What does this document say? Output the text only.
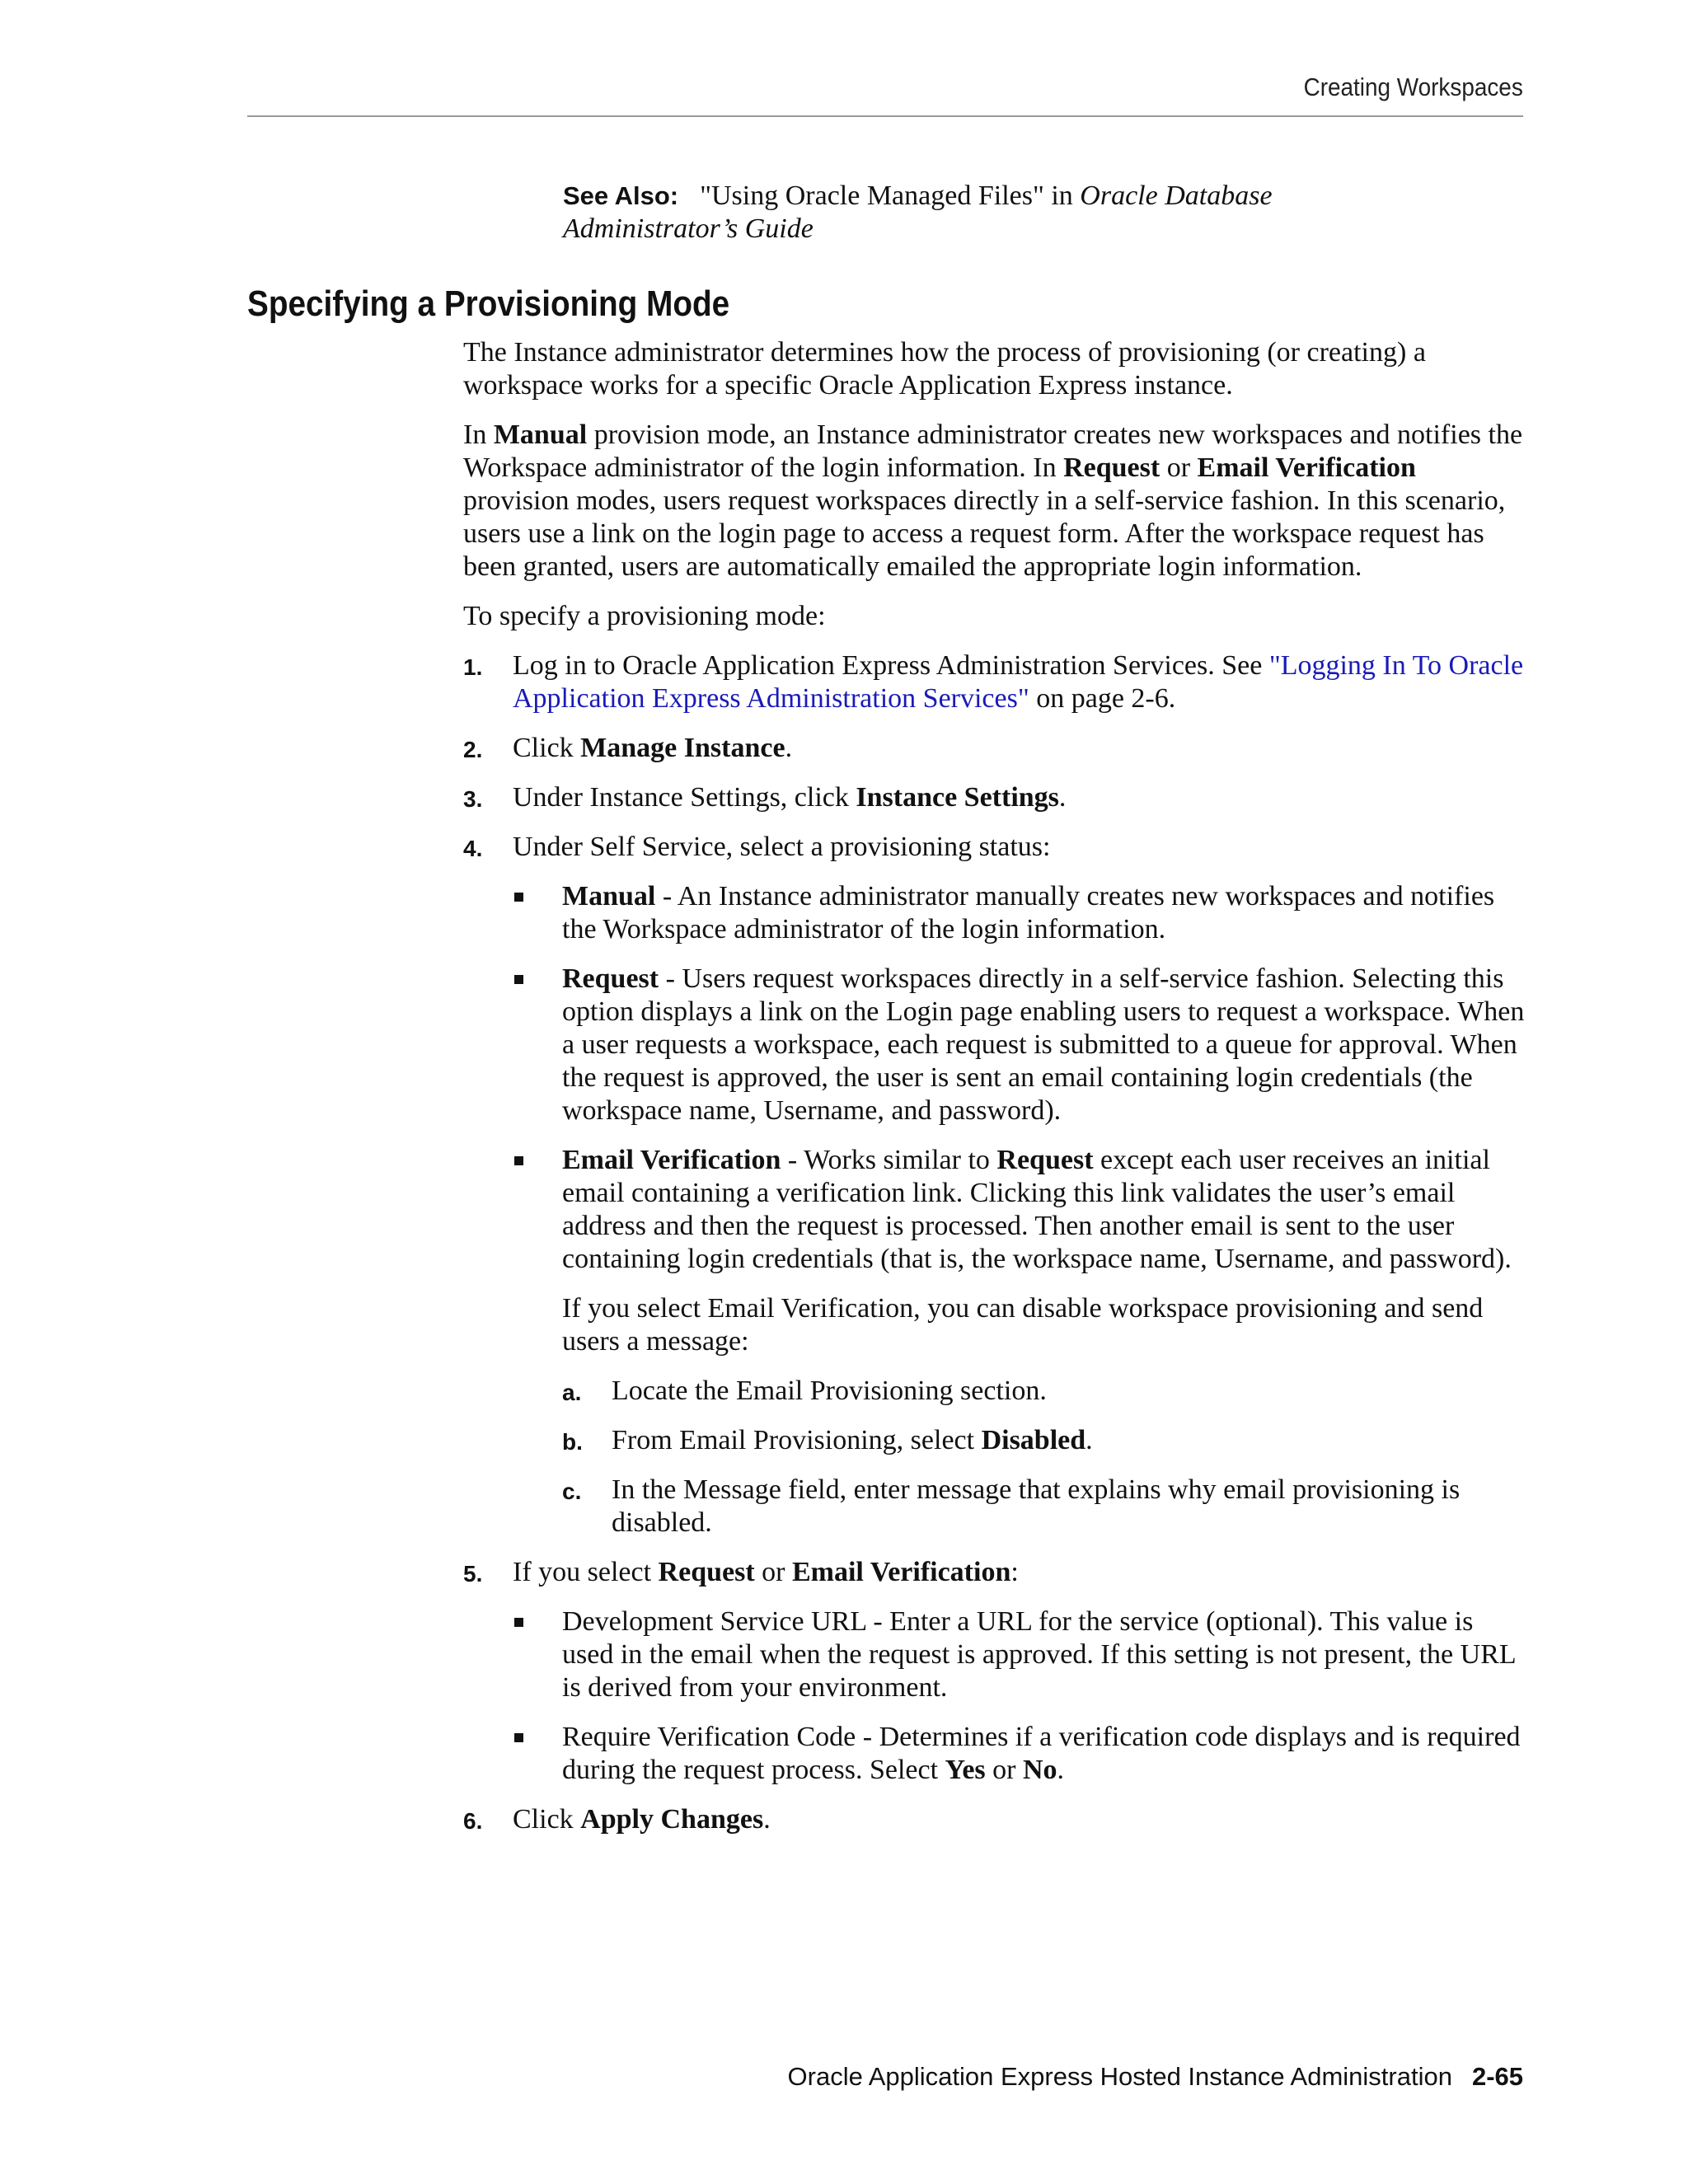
Creating Workspaces
See Also: "Using Oracle Managed Files" in Oracle Database Administrator’s Guide
Specifying a Provisioning Mode

The Instance administrator determines how the process of provisioning (or creating) a workspace works for a specific Oracle Application Express instance.

In Manual provision mode, an Instance administrator creates new workspaces and notifies the Workspace administrator of the login information. In Request or Email Verification provision modes, users request workspaces directly in a self-service fashion. In this scenario, users use a link on the login page to access a request form. After the workspace request has been granted, users are automatically emailed the appropriate login information.

To specify a provisioning mode:

1. Log in to Oracle Application Express Administration Services. See "Logging In To Oracle Application Express Administration Services" on page 2-6.
2. Click Manage Instance.
3. Under Instance Settings, click Instance Settings.
4. Under Self Service, select a provisioning status:
Manual - An Instance administrator manually creates new workspaces and notifies the Workspace administrator of the login information.
Request - Users request workspaces directly in a self-service fashion. Selecting this option displays a link on the Login page enabling users to request a workspace. When a user requests a workspace, each request is submitted to a queue for approval. When the request is approved, the user is sent an email containing login credentials (the workspace name, Username, and password).
Email Verification - Works similar to Request except each user receives an initial email containing a verification link. Clicking this link validates the user’s email address and then the request is processed. Then another email is sent to the user containing login credentials (that is, the workspace name, Username, and password).

If you select Email Verification, you can disable workspace provisioning and send users a message:

a. Locate the Email Provisioning section.
b. From Email Provisioning, select Disabled.
c. In the Message field, enter message that explains why email provisioning is disabled.
5. If you select Request or Email Verification:
Development Service URL - Enter a URL for the service (optional). This value is used in the email when the request is approved. If this setting is not present, the URL is derived from your environment.
Require Verification Code - Determines if a verification code displays and is required during the request process. Select Yes or No.
6. Click Apply Changes.
Oracle Application Express Hosted Instance Administration 2-65
